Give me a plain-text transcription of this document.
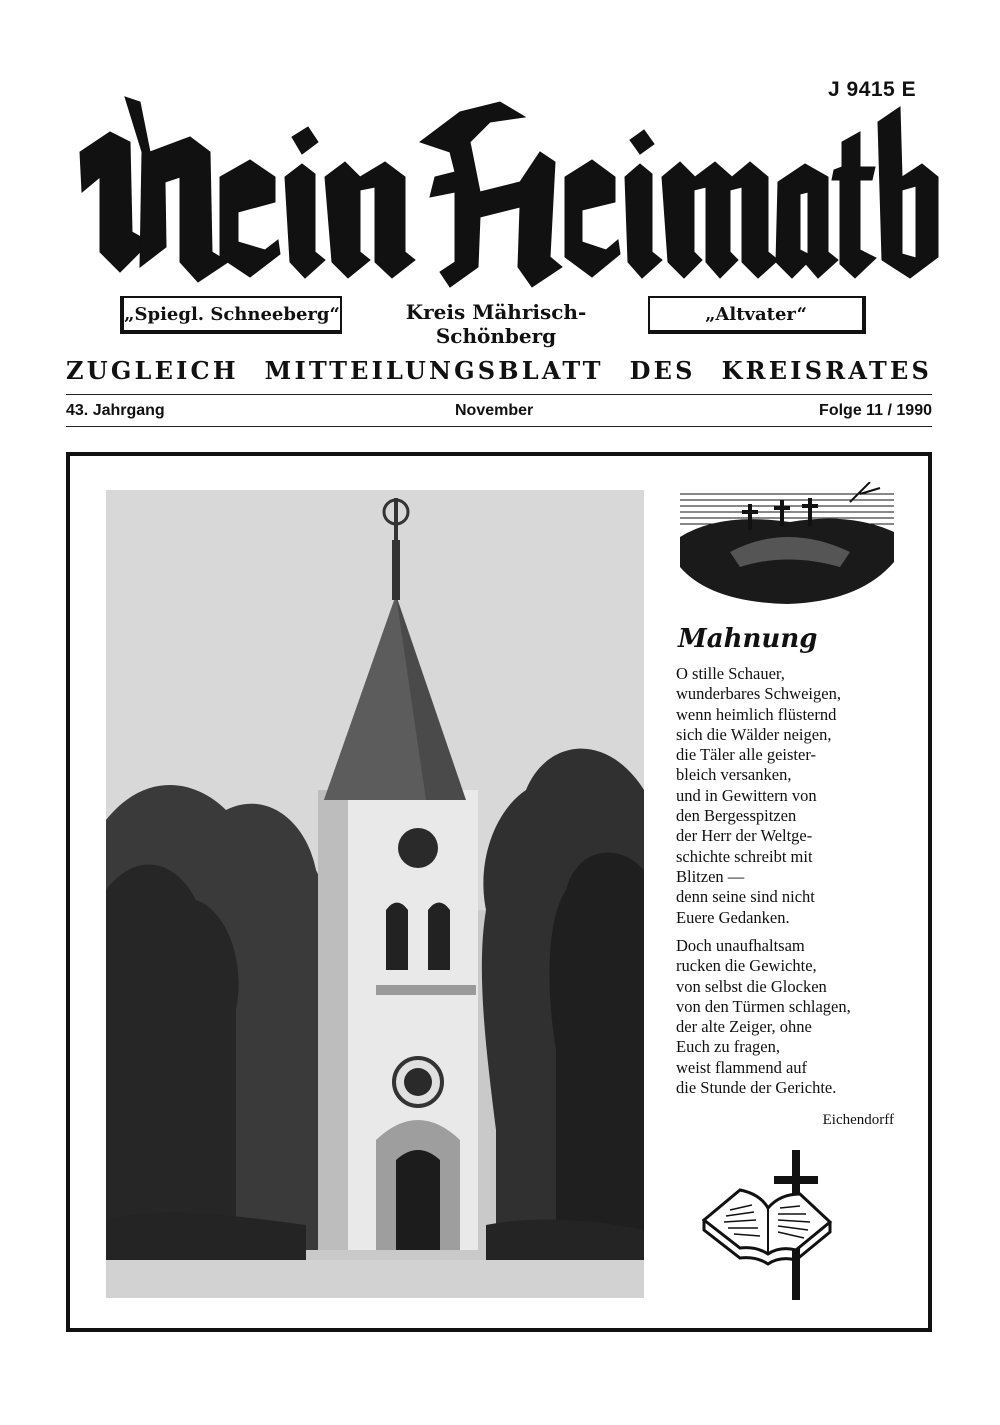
J 9415 E
„Spiegl. Schneeberg“	Kreis Mährisch-Schönberg
„Altvater“
ZUGLEICH MITTEILUNGSBLATT DES KREISRATES
43. Jahrgang	November	Folge 11 / 1990
Mahnung
O stille Schauer,
wunderbares Schweigen,
wenn heimlich flüsternd
sich die Wälder neigen,
die Täler alle geister-
bleich versanken,
und in Gewittern von
den Bergesspitzen
der Herr der Weltge-
schichte schreibt mit
Blitzen —
denn seine sind nicht
Euere Gedanken.
Doch unaufhaltsam
rucken die Gewichte,
von selbst die Glocken
von den Türmen schlagen,
der alte Zeiger, ohne
Euch zu fragen,
weist flammend auf
die Stunde der Gerichte.
Eichendorff
